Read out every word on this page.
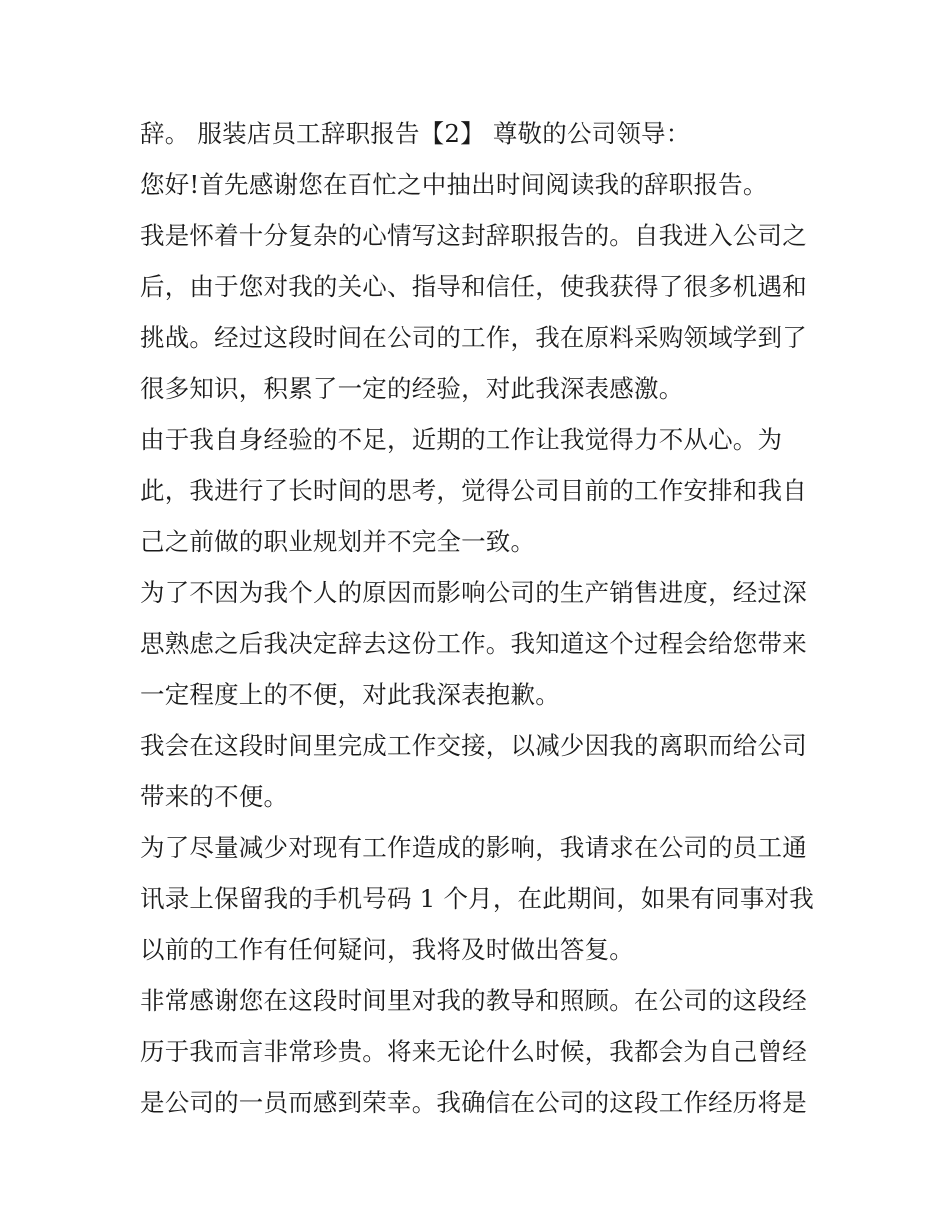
辞。 服装店员工辞职报告【2】 尊敬的公司领导：
您好!首先感谢您在百忙之中抽出时间阅读我的辞职报告。
我是怀着十分复杂的心情写这封辞职报告的。自我进入公司之
后，由于您对我的关心、指导和信任，使我获得了很多机遇和
挑战。经过这段时间在公司的工作，我在原料采购领域学到了
很多知识，积累了一定的经验，对此我深表感激。
由于我自身经验的不足，近期的工作让我觉得力不从心。为
此，我进行了长时间的思考，觉得公司目前的工作安排和我自
己之前做的职业规划并不完全一致。
为了不因为我个人的原因而影响公司的生产销售进度，经过深
思熟虑之后我决定辞去这份工作。我知道这个过程会给您带来
一定程度上的不便，对此我深表抱歉。
我会在这段时间里完成工作交接，以减少因我的离职而给公司
带来的不便。
为了尽量减少对现有工作造成的影响，我请求在公司的员工通
讯录上保留我的手机号码 1 个月，在此期间，如果有同事对我
以前的工作有任何疑问，我将及时做出答复。
非常感谢您在这段时间里对我的教导和照顾。在公司的这段经
历于我而言非常珍贵。将来无论什么时候，我都会为自己曾经
是公司的一员而感到荣幸。我确信在公司的这段工作经历将是
